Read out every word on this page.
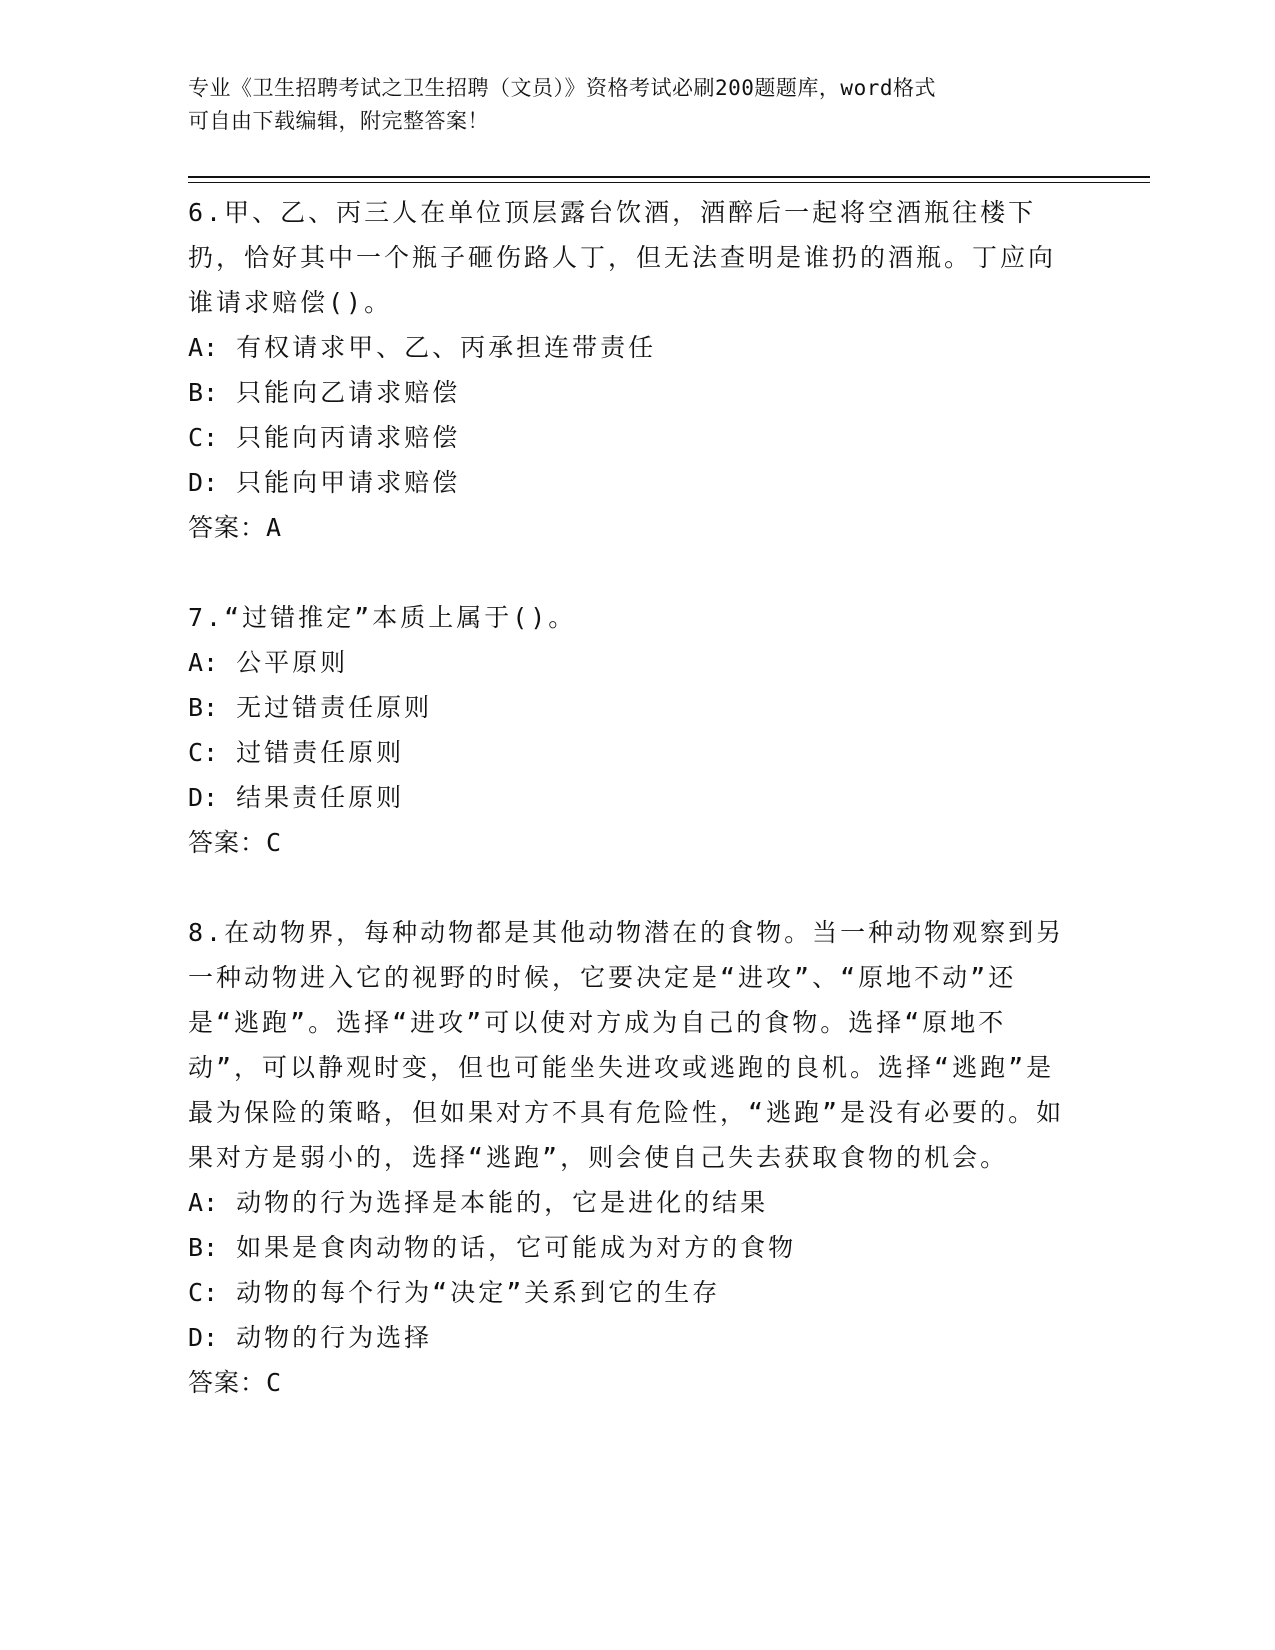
专业《卫生招聘考试之卫生招聘（文员）》资格考试必刷200题题库，word格式
可自由下载编辑，附完整答案！
6.甲、乙、丙三人在单位顶层露台饮酒，酒醉后一起将空酒瓶往楼下扔，恰好其中一个瓶子砸伤路人丁，但无法查明是谁扔的酒瓶。丁应向谁请求赔偿()。
A: 有权请求甲、乙、丙承担连带责任
B: 只能向乙请求赔偿
C: 只能向丙请求赔偿
D: 只能向甲请求赔偿
答案：A
7.“过错推定”本质上属于()。
A: 公平原则
B: 无过错责任原则
C: 过错责任原则
D: 结果责任原则
答案：C
8.在动物界，每种动物都是其他动物潜在的食物。当一种动物观察到另一种动物进入它的视野的时候，它要决定是“进攻”、“原地不动”还是“逃跑”。选择“进攻”可以使对方成为自己的食物。选择“原地不动”，可以静观时变，但也可能坐失进攻或逃跑的良机。选择“逃跑”是最为保险的策略，但如果对方不具有危险性，“逃跑”是没有必要的。如果对方是弱小的，选择“逃跑”，则会使自己失去获取食物的机会。
A: 动物的行为选择是本能的，它是进化的结果
B: 如果是食肉动物的话，它可能成为对方的食物
C: 动物的每个行为“决定”关系到它的生存
D: 动物的行为选择
答案：C
